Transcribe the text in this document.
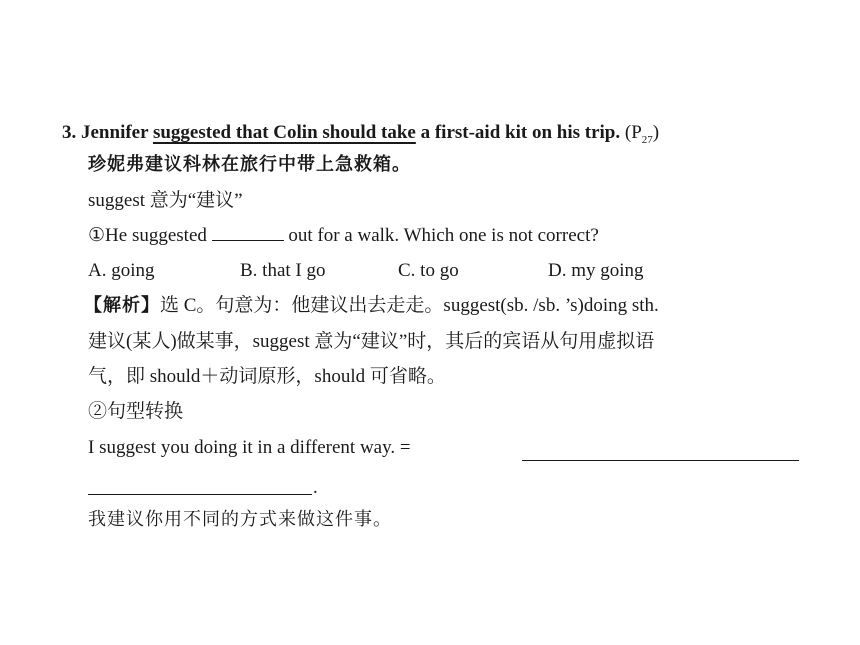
3. Jennifer suggested that Colin should take a first-aid kit on his trip. $(P_{27})$
珍妮弗建议科林在旅行中带上急救箱。
suggest 意为“建议”
①He suggested	out for a walk. Which one is not correct?
A. going	B. that I go	C. to go	D. my going
【解析】选 C。句意为：他建议出去走走。suggest(sb. /sb. ’s)doing sth.
建议(某人)做某事，suggest 意为“建议”时，其后的宾语从句用虚拟语
气，即 should＋动词原形，should 可省略。
②句型转换
I suggest you doing it in a different way. =
.
我建议你用不同的方式来做这件事。
